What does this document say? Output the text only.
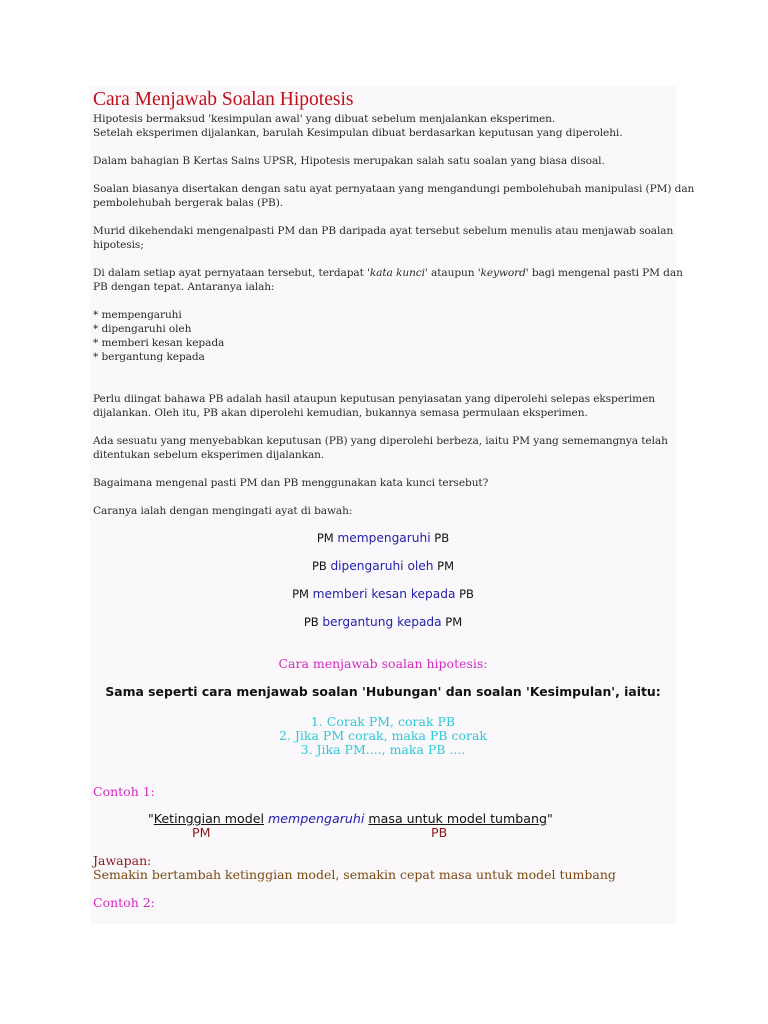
Cara Menjawab Soalan Hipotesis
Hipotesis bermaksud 'kesimpulan awal' yang dibuat sebelum menjalankan eksperimen.
Setelah eksperimen dijalankan, barulah Kesimpulan dibuat berdasarkan keputusan yang diperolehi.
Dalam bahagian B Kertas Sains UPSR, Hipotesis merupakan salah satu soalan yang biasa disoal.
Soalan biasanya disertakan dengan satu ayat pernyataan yang mengandungi pembolehubah manipulasi (PM) dan
pembolehubah bergerak balas (PB).
Murid dikehendaki mengenalpasti PM dan PB daripada ayat tersebut sebelum menulis atau menjawab soalan
hipotesis;
Di dalam setiap ayat pernyataan tersebut, terdapat 'kata kunci' ataupun 'keyword' bagi mengenal pasti PM dan
PB dengan tepat. Antaranya ialah:
* mempengaruhi
* dipengaruhi oleh
* memberi kesan kepada
* bergantung kepada
Perlu diingat bahawa PB adalah hasil ataupun keputusan penyiasatan yang diperolehi selepas eksperimen
dijalankan. Oleh itu, PB akan diperolehi kemudian, bukannya semasa permulaan eksperimen.
Ada sesuatu yang menyebabkan keputusan (PB) yang diperolehi berbeza, iaitu PM yang sememangnya telah
ditentukan sebelum eksperimen dijalankan.
Bagaimana mengenal pasti PM dan PB menggunakan kata kunci tersebut?
Caranya ialah dengan mengingati ayat di bawah:
PM mempengaruhi PB
PB dipengaruhi oleh PM
PM memberi kesan kepada PB
PB bergantung kepada PM
Cara menjawab soalan hipotesis:
Sama seperti cara menjawab soalan 'Hubungan' dan soalan 'Kesimpulan', iaitu:
1. Corak PM, corak PB
2. Jika PM corak, maka PB corak
3. Jika PM...., maka PB ....
Contoh 1:
"Ketinggian model mempengaruhi masa untuk model tumbang"
PM	PB
Jawapan:
Semakin bertambah ketinggian model, semakin cepat masa untuk model tumbang
Contoh 2:
